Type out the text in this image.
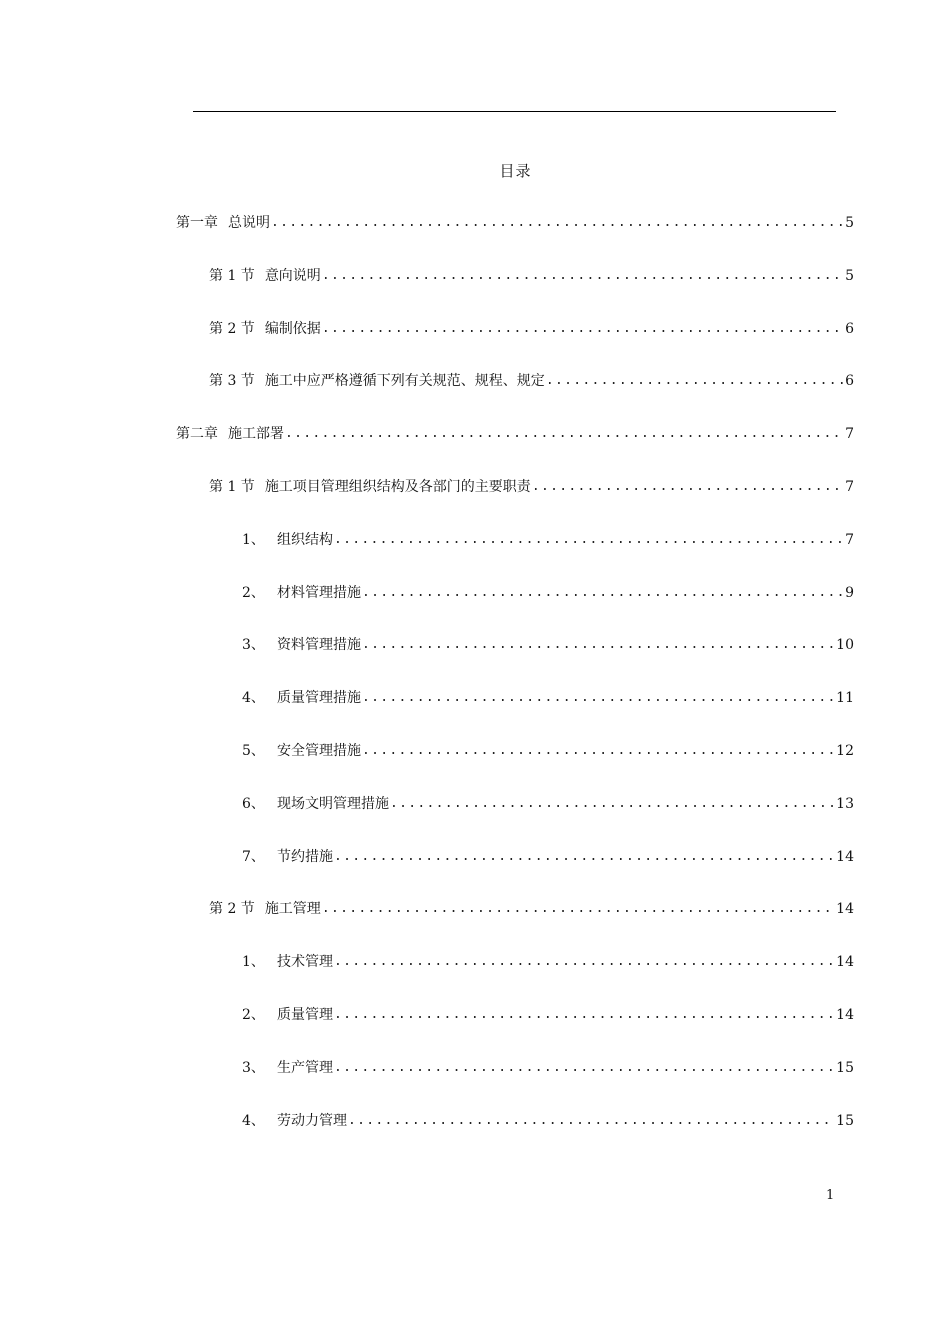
目录
第一章 总说明 .....	5
第 1 节 意向说明 .....	5
第 2 节 编制依据 .....	6
第 3 节 施工中应严格遵循下列有关规范、规程、规定 .....	6
第二章 施工部署 .....	7
第 1 节 施工项目管理组织结构及各部门的主要职责 .....	7
1、 组织结构 .....	7
2、 材料管理措施 .....	9
3、 资料管理措施 .....	10
4、 质量管理措施 .....	11
5、 安全管理措施 .....	12
6、 现场文明管理措施 .....	13
7、 节约措施 .....	14
第 2 节 施工管理 .....	14
1、 技术管理 .....	14
2、 质量管理 .....	14
3、 生产管理 .....	15
4、 劳动力管理 .....	15
1
